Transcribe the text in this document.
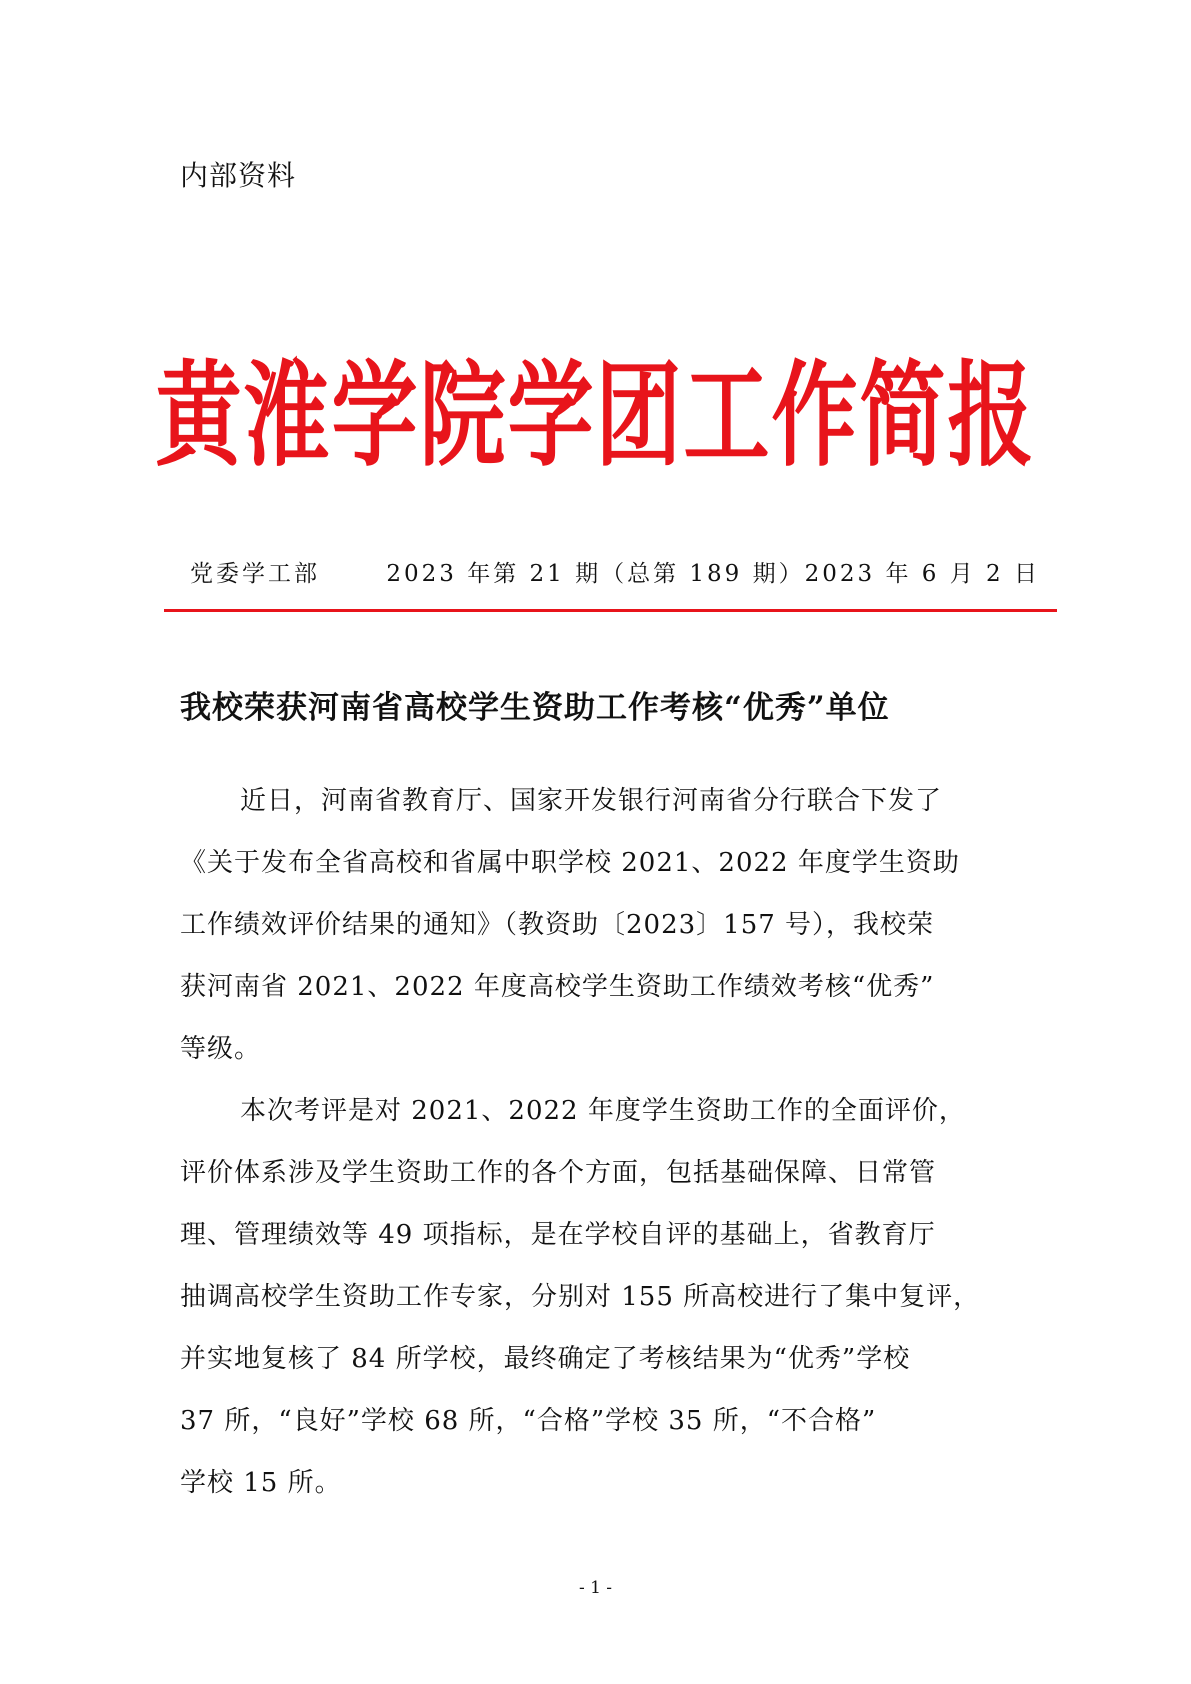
内部资料
黄淮学院学团工作简报
党委学工部	2023 年第 21 期（总第 189 期） 2023 年 6 月 2 日
我校荣获河南省高校学生资助工作考核“优秀”单位
近日，河南省教育厅、国家开发银行河南省分行联合下发了
《关于发布全省高校和省属中职学校 2021、2022 年度学生资助
工作绩效评价结果的通知》（教资助〔2023〕157 号），我校荣
获河南省 2021、2022 年度高校学生资助工作绩效考核“优秀”
等级。
本次考评是对 2021、2022 年度学生资助工作的全面评价，
评价体系涉及学生资助工作的各个方面，包括基础保障、日常管
理、管理绩效等 49 项指标，是在学校自评的基础上，省教育厅
抽调高校学生资助工作专家，分别对 155 所高校进行了集中复评，
并实地复核了 84 所学校，最终确定了考核结果为“优秀”学校
37 所，“良好”学校 68 所，“合格”学校 35 所，“不合格”
学校 15 所。
- 1 -
